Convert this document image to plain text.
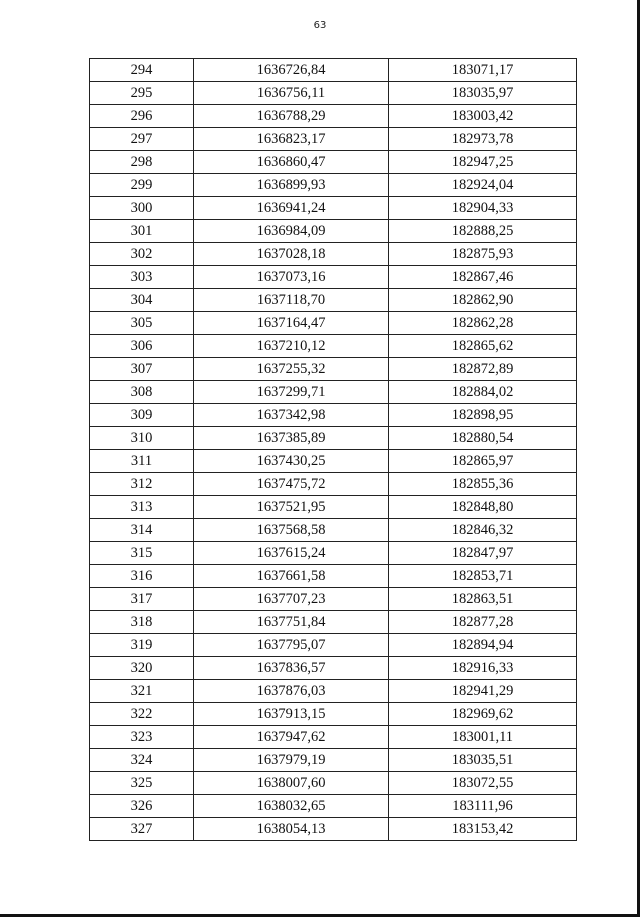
63
294	1636726,84	183071,17
295	1636756,11	183035,97
296	1636788,29	183003,42
297	1636823,17	182973,78
298	1636860,47	182947,25
299	1636899,93	182924,04
300	1636941,24	182904,33
301	1636984,09	182888,25
302	1637028,18	182875,93
303	1637073,16	182867,46
304	1637118,70	182862,90
305	1637164,47	182862,28
306	1637210,12	182865,62
307	1637255,32	182872,89
308	1637299,71	182884,02
309	1637342,98	182898,95
310	1637385,89	182880,54
311	1637430,25	182865,97
312	1637475,72	182855,36
313	1637521,95	182848,80
314	1637568,58	182846,32
315	1637615,24	182847,97
316	1637661,58	182853,71
317	1637707,23	182863,51
318	1637751,84	182877,28
319	1637795,07	182894,94
320	1637836,57	182916,33
321	1637876,03	182941,29
322	1637913,15	182969,62
323	1637947,62	183001,11
324	1637979,19	183035,51
325	1638007,60	183072,55
326	1638032,65	183111,96
327	1638054,13	183153,42
